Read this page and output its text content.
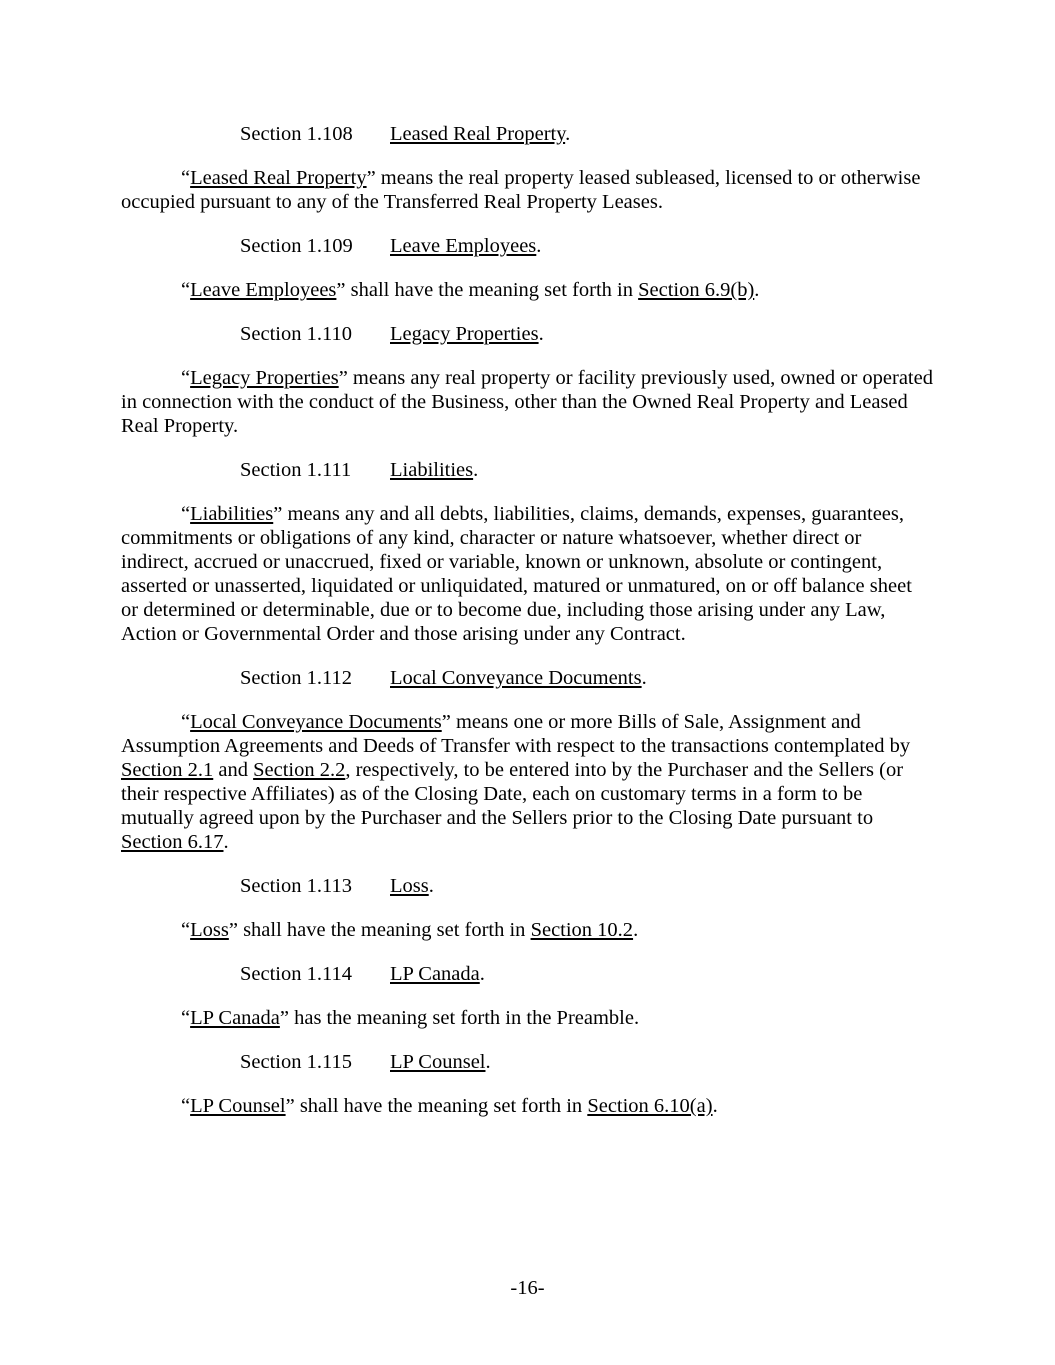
Section 1.108 Leased Real Property.

“Leased Real Property” means the real property leased subleased, licensed to or otherwise occupied pursuant to any of the Transferred Real Property Leases.

Section 1.109 Leave Employees.

“Leave Employees” shall have the meaning set forth in Section 6.9(b).

Section 1.110 Legacy Properties.

“Legacy Properties” means any real property or facility previously used, owned or operated in connection with the conduct of the Business, other than the Owned Real Property and Leased Real Property.

Section 1.111 Liabilities.

“Liabilities” means any and all debts, liabilities, claims, demands, expenses, guarantees, commitments or obligations of any kind, character or nature whatsoever, whether direct or indirect, accrued or unaccrued, fixed or variable, known or unknown, absolute or contingent, asserted or unasserted, liquidated or unliquidated, matured or unmatured, on or off balance sheet or determined or determinable, due or to become due, including those arising under any Law, Action or Governmental Order and those arising under any Contract.

Section 1.112 Local Conveyance Documents.

“Local Conveyance Documents” means one or more Bills of Sale, Assignment and Assumption Agreements and Deeds of Transfer with respect to the transactions contemplated by Section 2.1 and Section 2.2, respectively, to be entered into by the Purchaser and the Sellers (or their respective Affiliates) as of the Closing Date, each on customary terms in a form to be mutually agreed upon by the Purchaser and the Sellers prior to the Closing Date pursuant to Section 6.17.

Section 1.113 Loss.

“Loss” shall have the meaning set forth in Section 10.2.

Section 1.114 LP Canada.

“LP Canada” has the meaning set forth in the Preamble.

Section 1.115 LP Counsel.

“LP Counsel” shall have the meaning set forth in Section 6.10(a).

-16-
